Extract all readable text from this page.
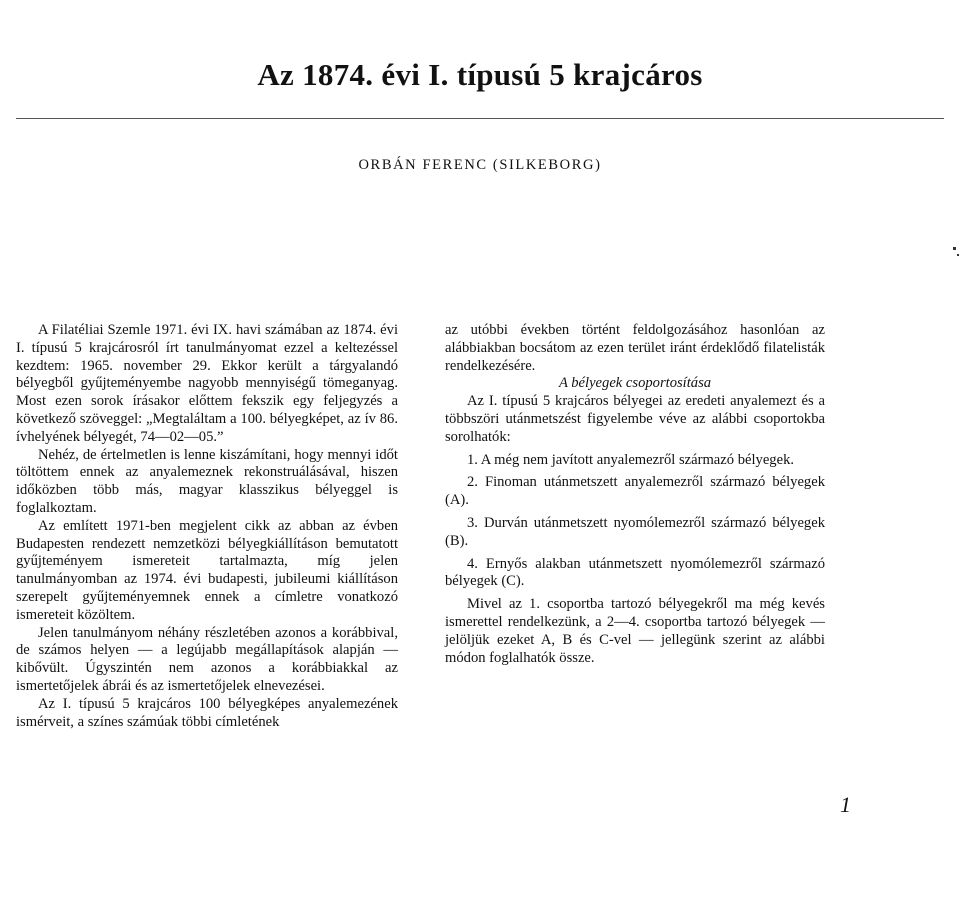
Az 1874. évi I. típusú 5 krajcáros
ORBÁN FERENC (SILKEBORG)

A Filatéliai Szemle 1971. évi IX. havi számában az 1874. évi I. típusú 5 krajcárosról írt tanulmányomat ezzel a keltezéssel kezdtem: 1965. november 29. Ekkor került a tárgyalandó bélyegből gyűjteményembe nagyobb mennyiségű tömeganyag. Most ezen sorok írásakor előttem fekszik egy feljegyzés a következő szöveggel: „Megtaláltam a 100. bélyegképet, az ív 86. ívhelyének bélyegét, 74—02—05.”

Nehéz, de értelmetlen is lenne kiszámítani, hogy mennyi időt töltöttem ennek az anyalemeznek rekonstruálásával, hiszen időközben több más, magyar klasszikus bélyeggel is foglalkoztam.

Az említett 1971-ben megjelent cikk az abban az évben Budapesten rendezett nemzetközi bélyegkiállításon bemutatott gyűjteményem ismereteit tartalmazta, míg jelen tanulmányomban az 1974. évi budapesti, jubileumi kiállításon szerepelt gyűjteményemnek ennek a címletre vonatkozó ismereteit közöltem.

Jelen tanulmányom néhány részletében azonos a korábbival, de számos helyen — a legújabb megállapítások alapján — kibővült. Úgyszintén nem azonos a korábbiakkal az ismertetőjelek ábrái és az ismertetőjelek elnevezései.

Az I. típusú 5 krajcáros 100 bélyegképes anyalemezének ismérveit, a színes számúak többi címletének

az utóbbi években történt feldolgozásához hasonlóan az alábbiakban bocsátom az ezen terület iránt érdeklődő filatelisták rendelkezésére.

A bélyegek csoportosítása

Az I. típusú 5 krajcáros bélyegei az eredeti anyalemezt és a többszöri utánmetszést figyelembe véve az alábbi csoportokba sorolhatók:

1. A még nem javított anyalemezről származó bélyegek.

2. Finoman utánmetszett anyalemezről származó bélyegek (A).

3. Durván utánmetszett nyomólemezről származó bélyegek (B).

4. Ernyős alakban utánmetszett nyomólemezről származó bélyegek (C).

Mivel az 1. csoportba tartozó bélyegekről ma még kevés ismerettel rendelkezünk, a 2—4. csoportba tartozó bélyegek — jelöljük ezeket A, B és C-vel — jellegünk szerint az alábbi módon foglalhatók össze.

1
